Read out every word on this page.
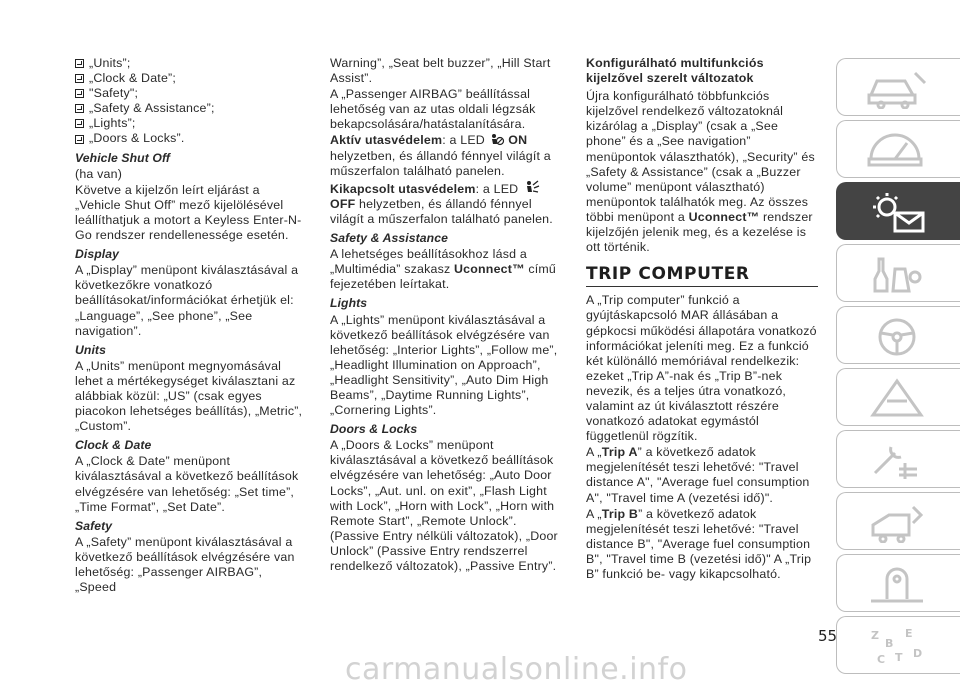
„Units”;
„Clock & Date”;
"Safety";
„Safety & Assistance”;
„Lights”;
„Doors & Locks”.
Vehicle Shut Off

(ha van)

Követve a kijelzőn leírt eljárást a „Vehicle Shut Off” mező kijelölésével leállíthatjuk a motort a Keyless Enter-N-Go rendszer rendellenessége esetén.

Display

A „Display” menüpont kiválasztásával a következőkre vonatkozó beállításokat/információkat érhetjük el: „Language”, „See phone”, „See navigation”.

Units

A „Units” menüpont megnyomásával lehet a mértékegységet kiválasztani az alábbiak közül: „US” (csak egyes piacokon lehetséges beállítás), „Metric”, „Custom”.

Clock & Date

A „Clock & Date” menüpont kiválasztásával a következő beállítások elvégzésére van lehetőség: „Set time”, „Time Format”, „Set Date”.

Safety

A „Safety” menüpont kiválasztásával a következő beállítások elvégzésére van lehetőség: „Passenger AIRBAG”, „Speed

Warning”, „Seat belt buzzer”, „Hill Start Assist”.

A „Passenger AIRBAG” beállítással lehetőség van az utas oldali légzsák bekapcsolására/hatástalanítására.

Aktív utasvédelem: a LED ON helyzetben, és állandó fénnyel világít a műszerfalon található panelen.

Kikapcsolt utasvédelem: a LED  OFF helyzetben, és állandó fénnyel világít a műszerfalon található panelen.

Safety & Assistance

A lehetséges beállításokhoz lásd a „Multimédia” szakasz Uconnect™ című fejezetében leírtakat.

Lights

A „Lights” menüpont kiválasztásával a következő beállítások elvégzésére van lehetőség: „Interior Lights”, „Follow me”, „Headlight Illumination on Approach”, „Headlight Sensitivity”, „Auto Dim High Beams”, „Daytime Running Lights”, „Cornering Lights”.

Doors & Locks

A „Doors & Locks” menüpont kiválasztásával a következő beállítások elvégzésére van lehetőség: „Auto Door Locks”, „Aut. unl. on exit”, „Flash Light with Lock”, „Horn with Lock”, „Horn with Remote Start”, „Remote Unlock”. (Passive Entry nélküli változatok), „Door Unlock” (Passive Entry rendszerrel rendelkező változatok), „Passive Entry”.

Konfigurálható multifunkciós kijelzővel szerelt változatok

Újra konfigurálható többfunkciós kijelzővel rendelkező változatoknál kizárólag a „Display” (csak a „See phone” és a „See navigation” menüpontok választhatók), „Security” és „Safety & Assistance” (csak a „Buzzer volume” menüpont választható) menüpontok találhatók meg. Az összes többi menüpont a Uconnect™ rendszer kijelzőjén jelenik meg, és a kezelése is ott történik.

TRIP COMPUTER

A „Trip computer” funkció a gyújtáskapcsoló MAR állásában a gépkocsi működési állapotára vonatkozó információkat jeleníti meg. Ez a funkció két különálló memóriával rendelkezik: ezeket „Trip A”-nak és „Trip B”-nek nevezik, és a teljes útra vonatkozó, valamint az út kiválasztott részére vonatkozó adatokat egymástól függetlenül rögzítik.

A „Trip A” a következő adatok megjelenítését teszi lehetővé: "Travel distance A", "Average fuel consumption A", "Travel time A (vezetési idő)".

A „Trip B” a következő adatok megjelenítését teszi lehetővé: "Travel distance B", "Average fuel consumption B", "Travel time B (vezetési idő)" A „Trip B” funkció be- vagy kikapcsolható.

Z
B
E
C T D
55
carmanualsonline.info
